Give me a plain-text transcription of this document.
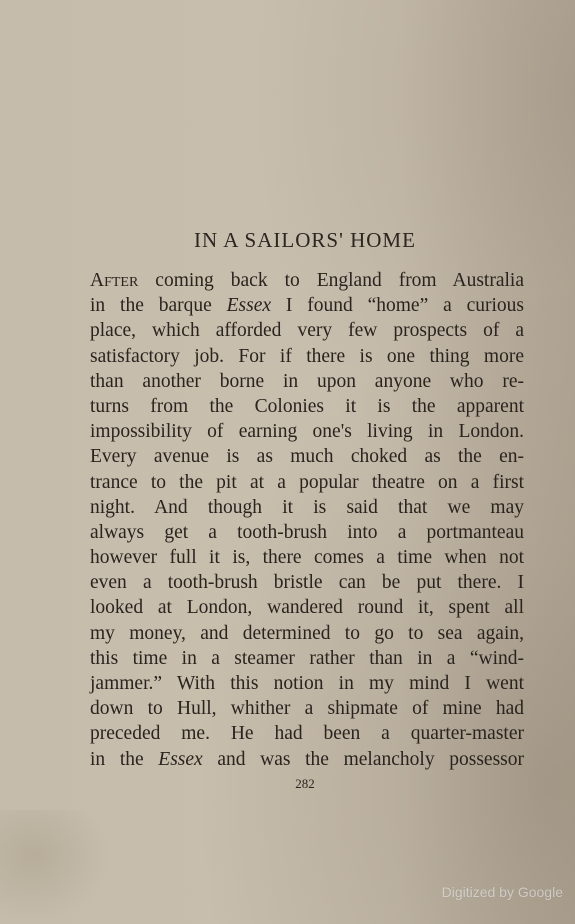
IN A SAILORS' HOME
After coming back to England from Australia
in the barque Essex I found “home” a curious
place, which afforded very few prospects of a
satisfactory job. For if there is one thing more
than another borne in upon anyone who re-
turns from the Colonies it is the apparent
impossibility of earning one's living in London.
Every avenue is as much choked as the en-
trance to the pit at a popular theatre on a first
night. And though it is said that we may
always get a tooth-brush into a portmanteau
however full it is, there comes a time when not
even a tooth-brush bristle can be put there. I
looked at London, wandered round it, spent all
my money, and determined to go to sea again,
this time in a steamer rather than in a “wind-
jammer.” With this notion in my mind I went
down to Hull, whither a shipmate of mine had
preceded me. He had been a quarter-master
in the Essex and was the melancholy possessor
282
Digitized by Google
